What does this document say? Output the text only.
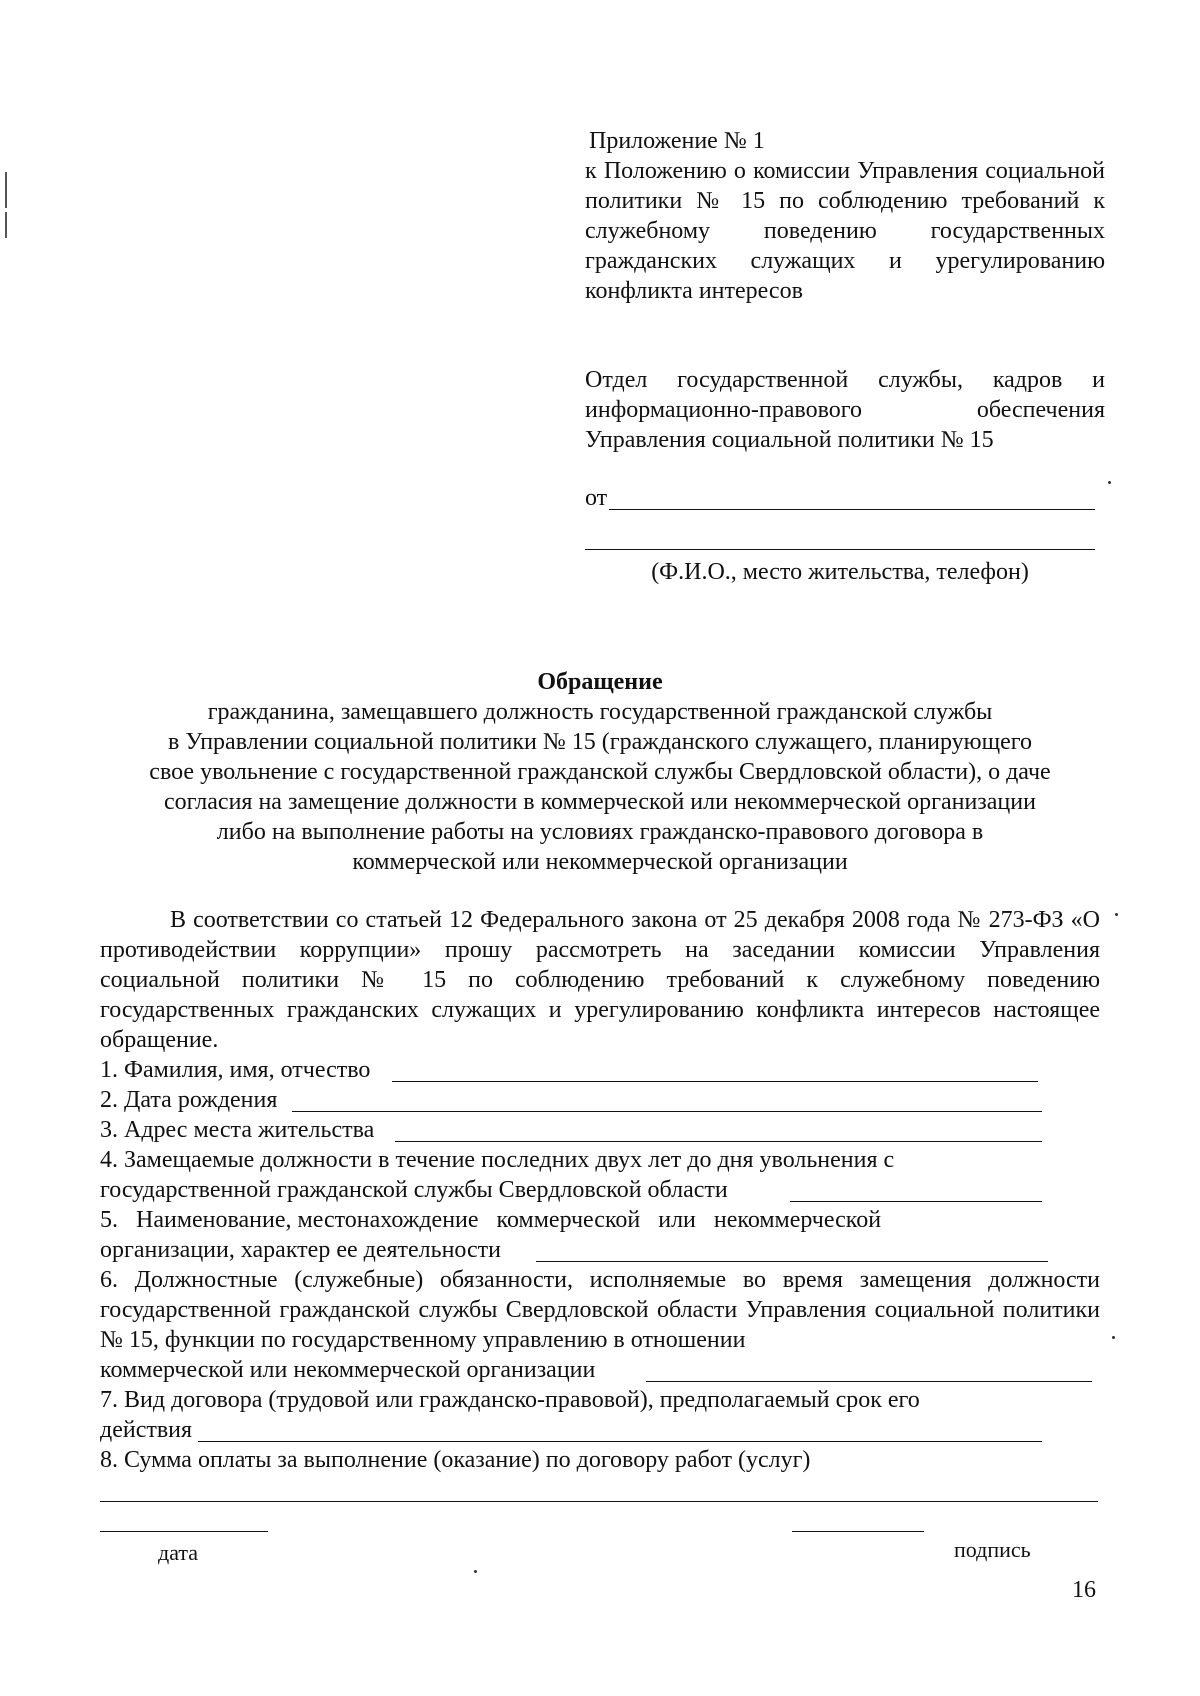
Приложение № 1
к Положению о комиссии Управления социальной политики № 15 по соблюдению требований к служебному поведению государственных гражданских служащих и урегулированию конфликта интересов
Отдел государственной службы, кадров и информационно-правового обеспечения Управления социальной политики № 15
от
(Ф.И.О., место жительства, телефон)
Обращение
гражданина, замещавшего должность государственной гражданской службы
в Управлении социальной политики № 15 (гражданского служащего, планирующего
свое увольнение с государственной гражданской службы Свердловской области), о даче
согласия на замещение должности в коммерческой или некоммерческой организации
либо на выполнение работы на условиях гражданско-правового договора в
коммерческой или некоммерческой организации
В соответствии со статьей 12 Федерального закона от 25 декабря 2008 года № 273-ФЗ «О противодействии коррупции» прошу рассмотреть на заседании комиссии Управления социальной политики № 15 по соблюдению требований к служебному поведению государственных гражданских служащих и урегулированию конфликта интересов настоящее обращение.
1. Фамилия, имя, отчество
2. Дата рождения
3. Адрес места жительства
4. Замещаемые должности в течение последних двух лет до дня увольнения с
государственной гражданской службы Свердловской области
5.   Наименование, местонахождение   коммерческой   или   некоммерческой
организации, характер ее деятельности
6. Должностные (служебные) обязанности, исполняемые во время замещения должности государственной гражданской службы Свердловской области Управления социальной политики № 15, функции по государственному управлению в отношении
коммерческой или некоммерческой организации
7. Вид договора (трудовой или гражданско-правовой), предполагаемый срок его
действия
8. Сумма оплаты за выполнение (оказание) по договору работ (услуг)
дата	подпись
16
